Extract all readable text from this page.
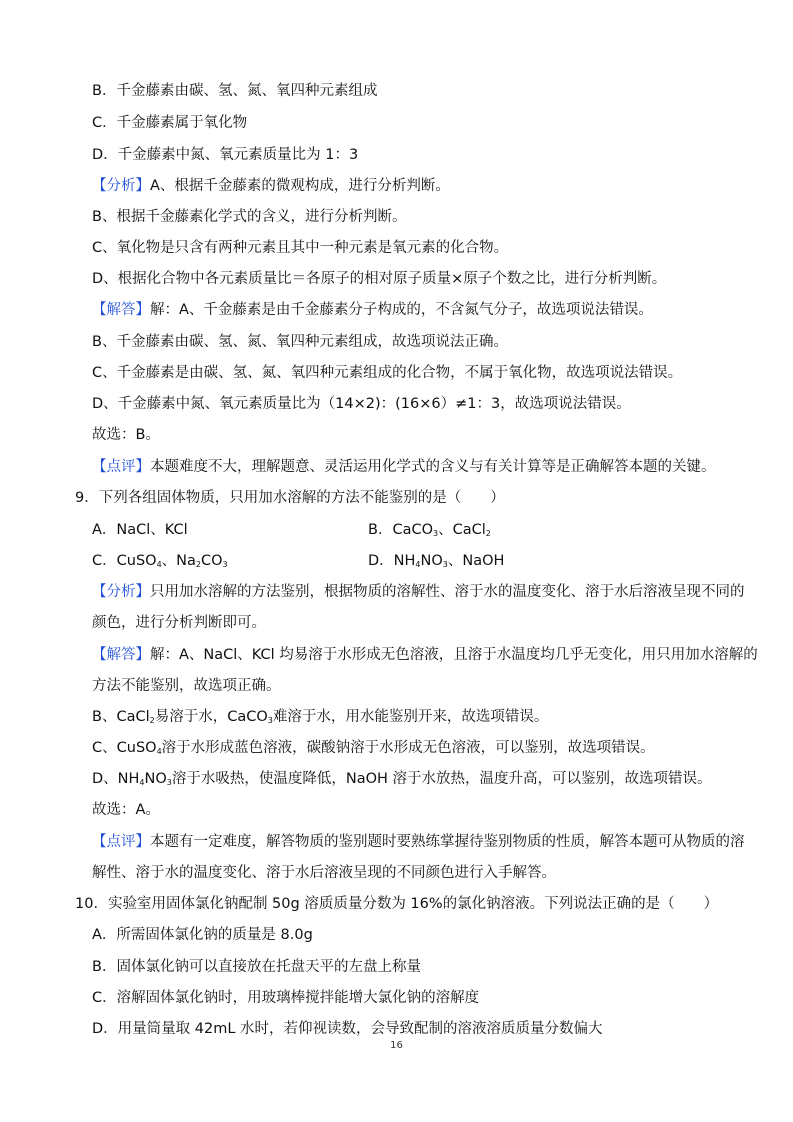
B．千金藤素由碳、氢、氮、氧四种元素组成
C．千金藤素属于氧化物
D．千金藤素中氮、氧元素质量比为 1：3
【分析】A、根据千金藤素的微观构成，进行分析判断。
B、根据千金藤素化学式的含义，进行分析判断。
C、氧化物是只含有两种元素且其中一种元素是氧元素的化合物。
D、根据化合物中各元素质量比＝各原子的相对原子质量×原子个数之比，进行分析判断。
【解答】解：A、千金藤素是由千金藤素分子构成的，不含氮气分子，故选项说法错误。
B、千金藤素由碳、氢、氮、氧四种元素组成，故选项说法正确。
C、千金藤素是由碳、氢、氮、氧四种元素组成的化合物，不属于氧化物，故选项说法错误。
D、千金藤素中氮、氧元素质量比为（14×2)：(16×6）≠1：3，故选项说法错误。
故选：B。
【点评】本题难度不大，理解题意、灵活运用化学式的含义与有关计算等是正确解答本题的关键。
9．下列各组固体物质，只用加水溶解的方法不能鉴别的是（　　）
A．NaCl、KCl	B．CaCO$_3$、CaCl$_2$
C．CuSO$_4$、$Na_2CO_3$	D．$NH_4NO_3$、NaOH
【分析】只用加水溶解的方法鉴别，根据物质的溶解性、溶于水的温度变化、溶于水后溶液呈现不同的
颜色，进行分析判断即可。
【解答】解：A、NaCl、KCl 均易溶于水形成无色溶液，且溶于水温度均几乎无变化，用只用加水溶解的
方法不能鉴别，故选项正确。
B、CaCl$_2$易溶于水，CaCO$_3$难溶于水，用水能鉴别开来，故选项错误。
C、CuSO$_4$溶于水形成蓝色溶液，碳酸钠溶于水形成无色溶液，可以鉴别，故选项错误。
D、$NH_4NO_3$溶于水吸热，使温度降低，NaOH 溶于水放热，温度升高，可以鉴别，故选项错误。
故选：A。
【点评】本题有一定难度，解答物质的鉴别题时要熟练掌握待鉴别物质的性质，解答本题可从物质的溶
解性、溶于水的温度变化、溶于水后溶液呈现的不同颜色进行入手解答。
10．实验室用固体氯化钠配制 50g 溶质质量分数为 16%的氯化钠溶液。下列说法正确的是（　　）
A．所需固体氯化钠的质量是 8.0g
B．固体氯化钠可以直接放在托盘天平的左盘上称量
C．溶解固体氯化钠时，用玻璃棒搅拌能增大氯化钠的溶解度
D．用量筒量取 42mL 水时，若仰视读数，会导致配制的溶液溶质质量分数偏大
16
